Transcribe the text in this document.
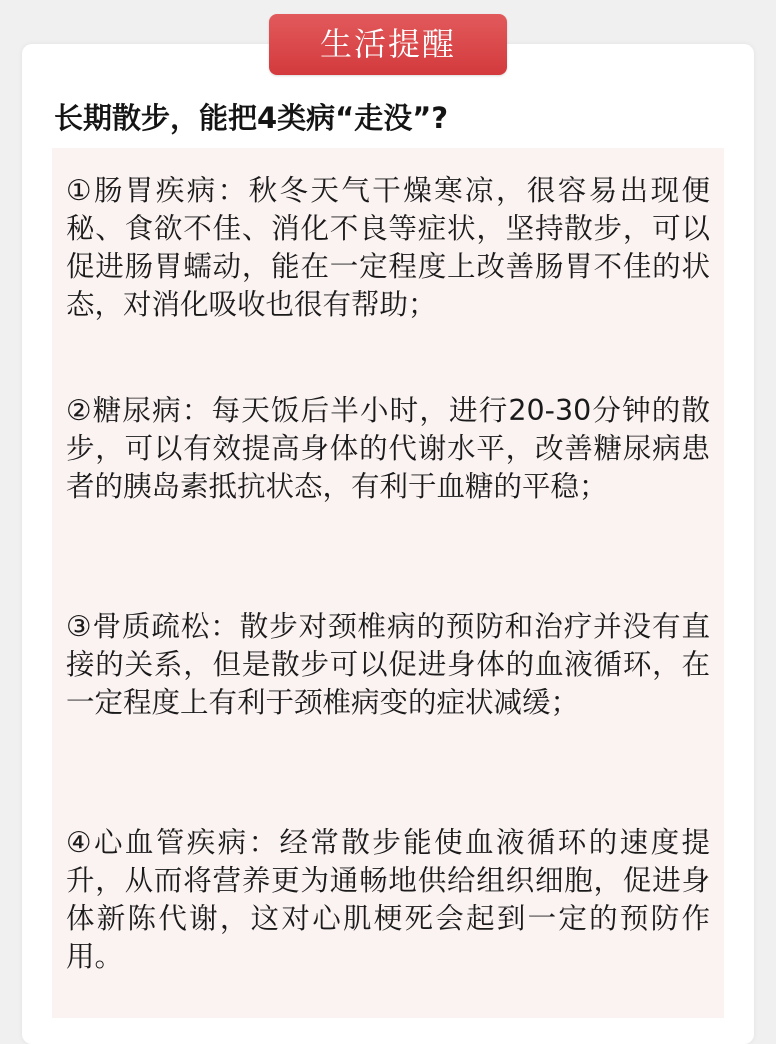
生活提醒
长期散步，能把4类病“走没”?
①肠胃疾病：秋冬天气干燥寒凉，很容易出现便秘、食欲不佳、消化不良等症状，坚持散步，可以促进肠胃蠕动，能在一定程度上改善肠胃不佳的状态，对消化吸收也很有帮助；
②糖尿病：每天饭后半小时，进行20-30分钟的散步，可以有效提高身体的代谢水平，改善糖尿病患者的胰岛素抵抗状态，有利于血糖的平稳；
③骨质疏松：散步对颈椎病的预防和治疗并没有直接的关系，但是散步可以促进身体的血液循环，在一定程度上有利于颈椎病变的症状减缓；
④心血管疾病：经常散步能使血液循环的速度提升，从而将营养更为通畅地供给组织细胞，促进身体新陈代谢，这对心肌梗死会起到一定的预防作用。
